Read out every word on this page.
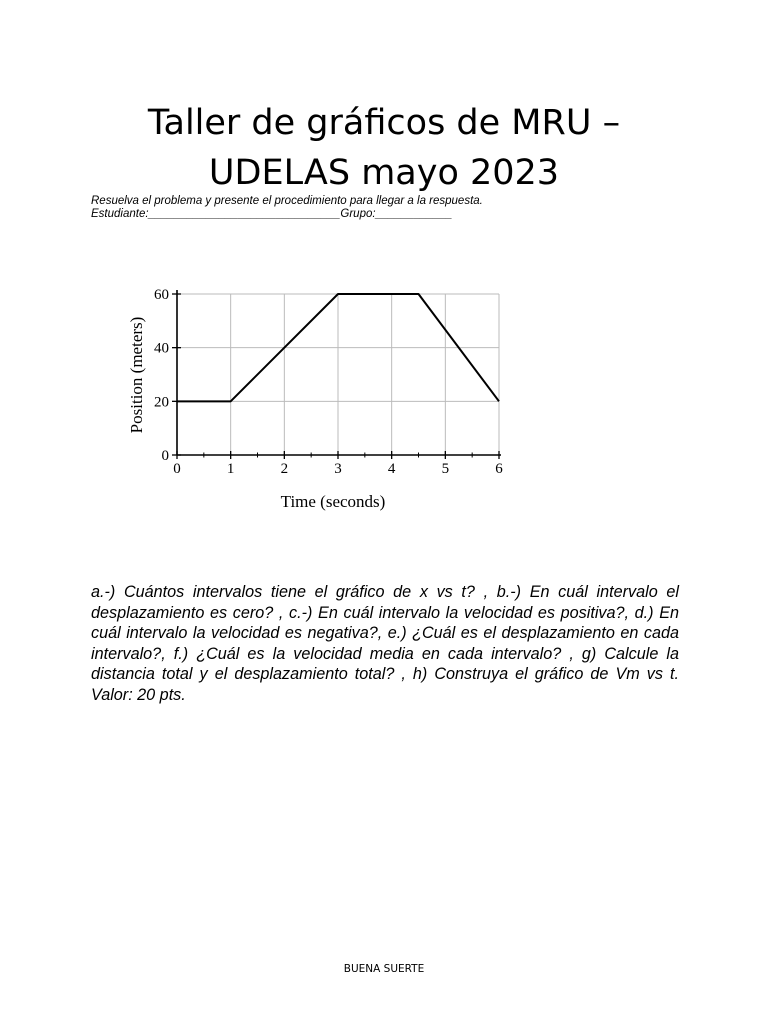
Taller de gráficos de MRU –
UDELAS mayo 2023
Resuelva el problema y presente el procedimiento para llegar a la respuesta.
Estudiante:______________________________Grupo:____________
Time (seconds)
Position (meters)
0	1	2	3	4	5	6
0
20
40
60
a.-) Cuántos intervalos tiene el gráfico de x vs t? , b.-) En cuál intervalo el desplazamiento es cero? , c.-) En cuál intervalo la velocidad es positiva?, d.) En cuál intervalo la velocidad es negativa?, e.) ¿Cuál es el desplazamiento en cada intervalo?, f.) ¿Cuál es la velocidad media en cada intervalo? , g) Calcule la distancia total y el desplazamiento total? , h) Construya el gráfico de Vm vs t. Valor: 20 pts.
BUENA SUERTE
